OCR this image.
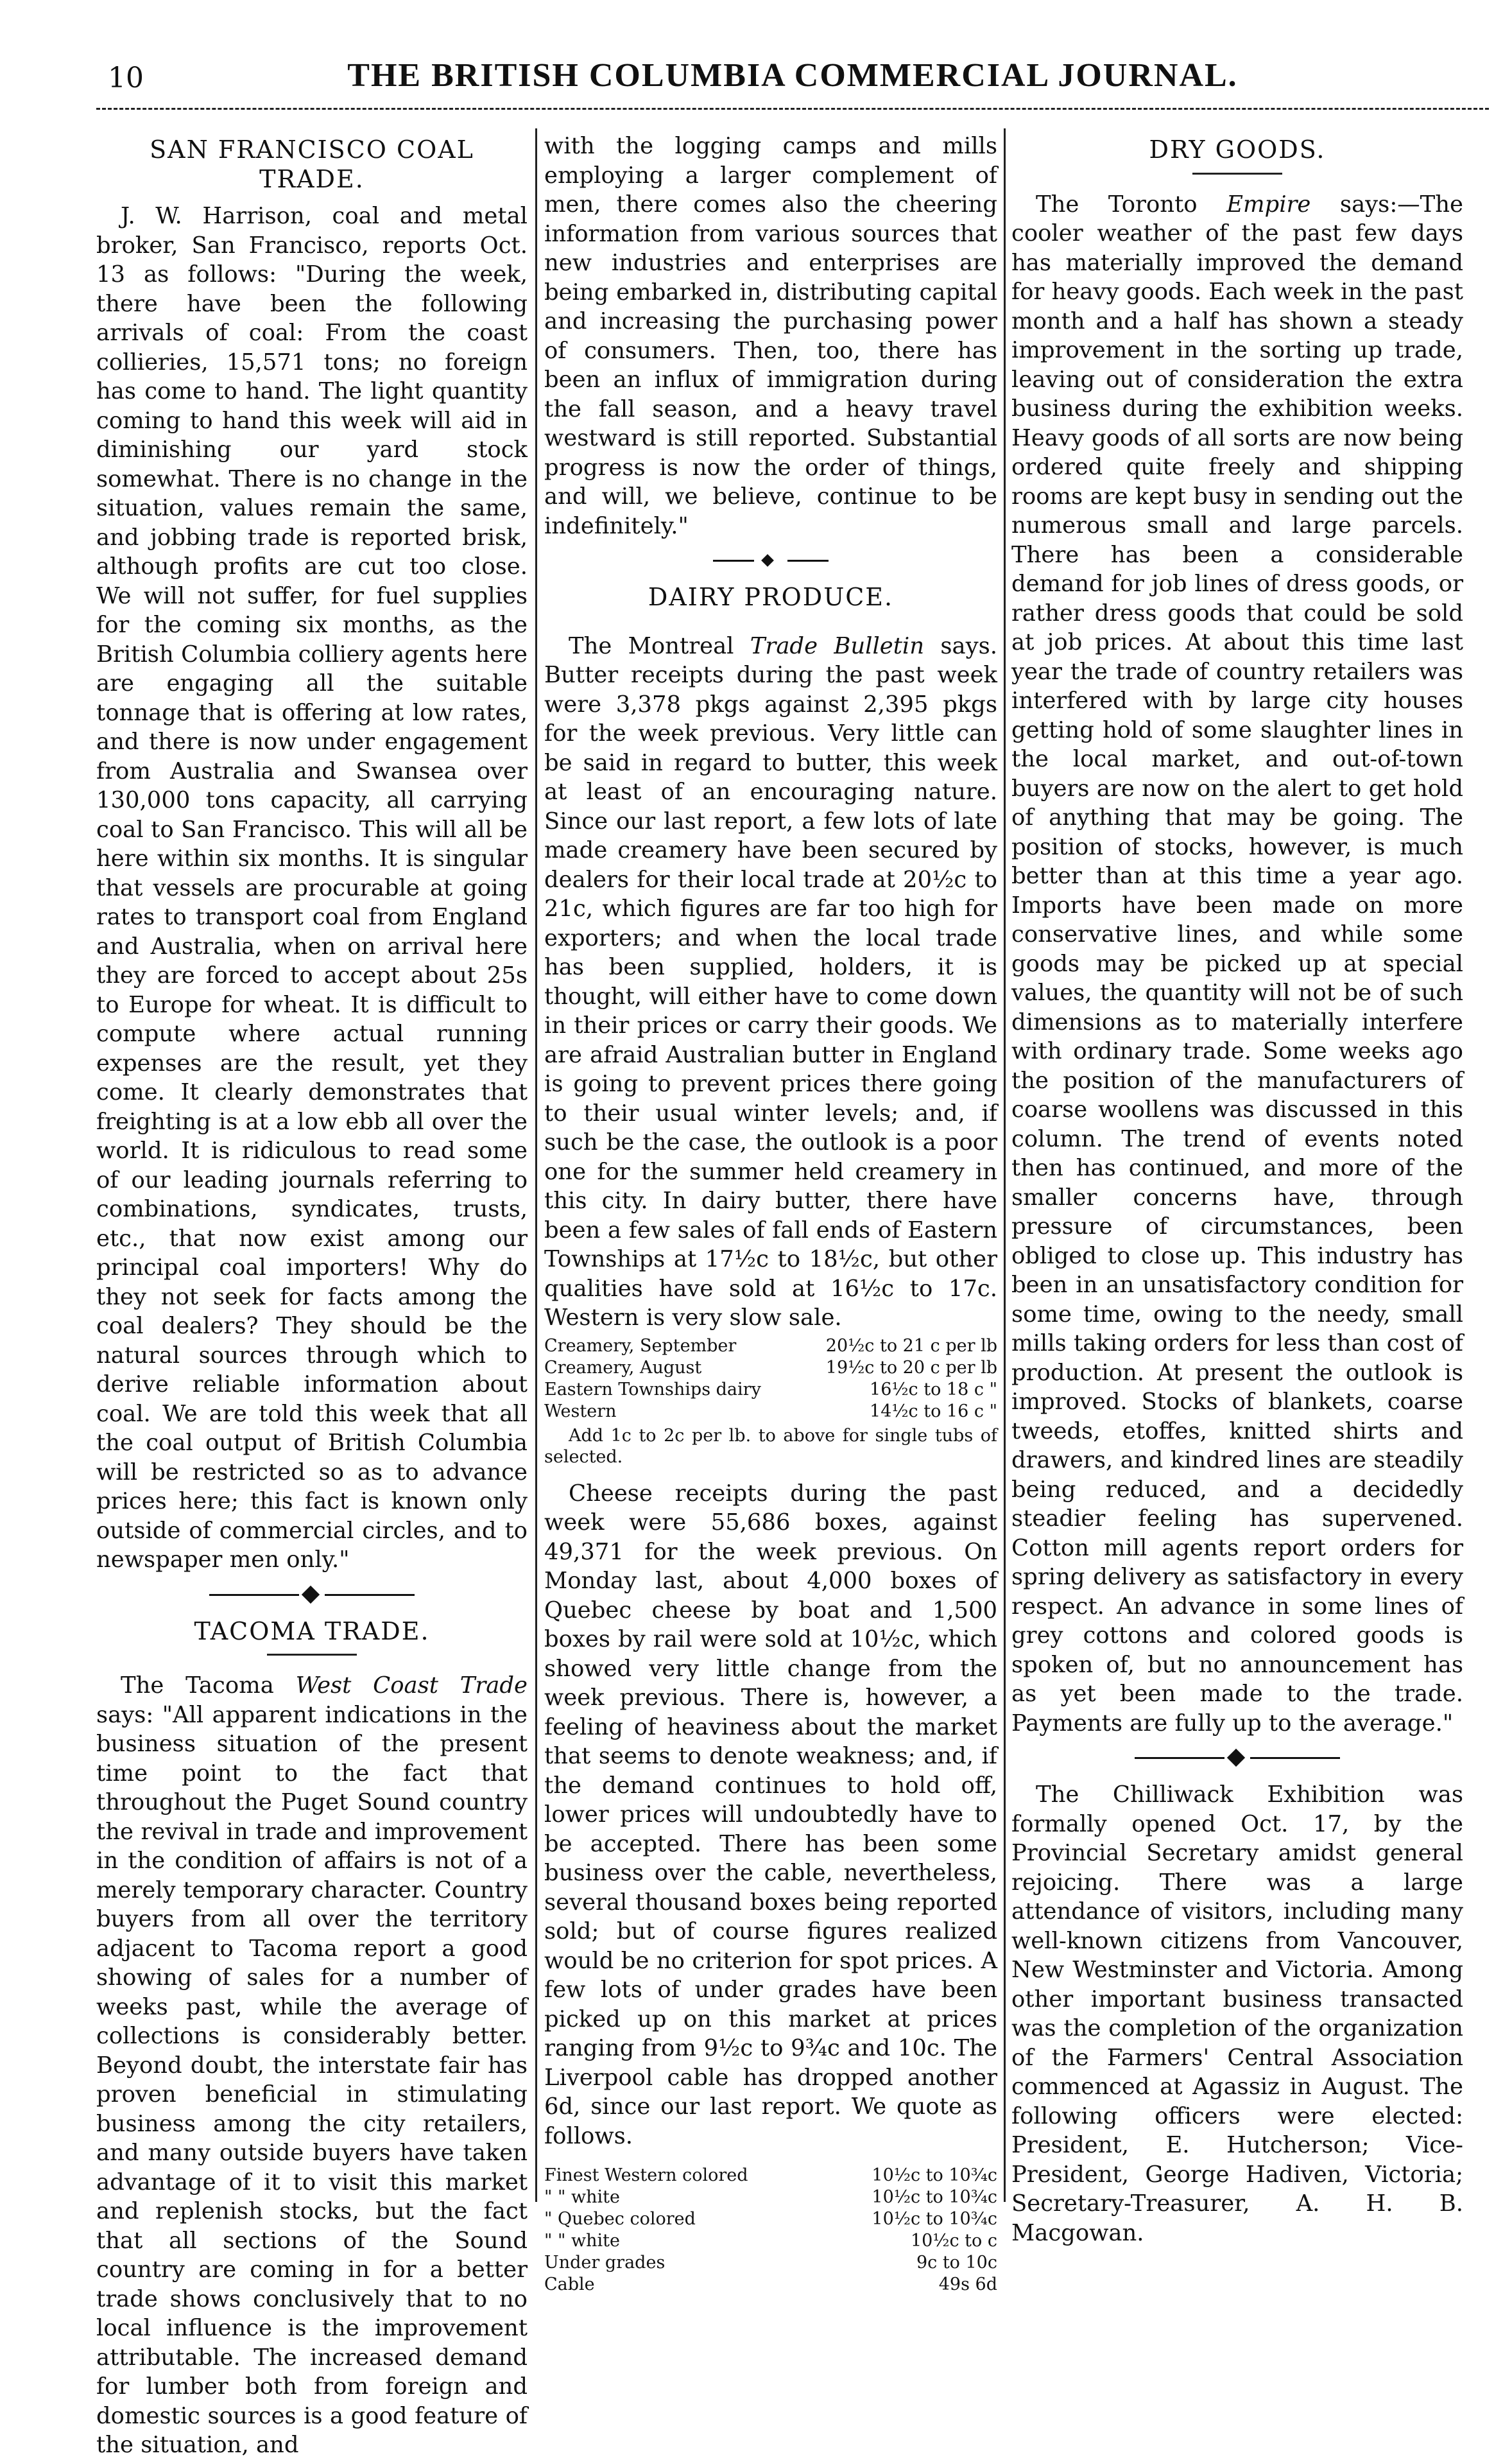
10	THE BRITISH COLUMBIA COMMERCIAL JOURNAL.
SAN FRANCISCO COAL TRADE.

J. W. Harrison, coal and metal broker, San Francisco, reports Oct. 13 as follows: "During the week, there have been the following arrivals of coal: From the coast collieries, 15,571 tons; no foreign has come to hand. The light quantity coming to hand this week will aid in diminishing our yard stock somewhat. There is no change in the situation, values remain the same, and jobbing trade is reported brisk, although profits are cut too close. We will not suffer, for fuel supplies for the coming six months, as the British Columbia colliery agents here are engaging all the suitable tonnage that is offering at low rates, and there is now under engagement from Australia and Swansea over 130,000 tons capacity, all carrying coal to San Francisco. This will all be here within six months. It is singular that vessels are procurable at going rates to transport coal from England and Australia, when on arrival here they are forced to accept about 25s to Europe for wheat. It is difficult to compute where actual running expenses are the result, yet they come. It clearly demonstrates that freighting is at a low ebb all over the world. It is ridiculous to read some of our leading journals referring to combinations, syndicates, trusts, etc., that now exist among our principal coal importers! Why do they not seek for facts among the coal dealers? They should be the natural sources through which to derive reliable information about coal. We are told this week that all the coal output of British Columbia will be restricted so as to advance prices here; this fact is known only outside of commercial circles, and to newspaper men only."

TACOMA TRADE.

The Tacoma West Coast Trade says: "All apparent indications in the business situation of the present time point to the fact that throughout the Puget Sound country the revival in trade and improvement in the condition of affairs is not of a merely temporary character. Country buyers from all over the territory adjacent to Tacoma report a good showing of sales for a number of weeks past, while the average of collections is considerably better. Beyond doubt, the interstate fair has proven beneficial in stimulating business among the city retailers, and many outside buyers have taken advantage of it to visit this market and replenish stocks, but the fact that all sections of the Sound country are coming in for a better trade shows conclusively that to no local influence is the improvement attributable. The increased demand for lumber both from foreign and domestic sources is a good feature of the situation, and

with the logging camps and mills employing a larger complement of men, there comes also the cheering information from various sources that new industries and enterprises are being embarked in, distributing capital and increasing the purchasing power of consumers. Then, too, there has been an influx of immigration during the fall season, and a heavy travel westward is still reported. Substantial progress is now the order of things, and will, we believe, continue to be indefinitely."

DAIRY PRODUCE.

The Montreal Trade Bulletin says. Butter receipts during the past week were 3,378 pkgs against 2,395 pkgs for the week previous. Very little can be said in regard to butter, this week at least of an encouraging nature. Since our last report, a few lots of late made creamery have been secured by dealers for their local trade at 20½c to 21c, which figures are far too high for exporters; and when the local trade has been supplied, holders, it is thought, will either have to come down in their prices or carry their goods. We are afraid Australian butter in England is going to prevent prices there going to their usual winter levels; and, if such be the case, the outlook is a poor one for the summer held creamery in this city. In dairy butter, there have been a few sales of fall ends of Eastern Townships at 17½c to 18½c, but other qualities have sold at 16½c to 17c. Western is very slow sale.

Creamery, September	20½c to 21 c per lb
Creamery, August	19½c to 20 c per lb
Eastern Townships dairy	16½c to 18 c "
Western	14½c to 16 c "
Add 1c to 2c per lb. to above for single tubs of selected.

Cheese receipts during the past week were 55,686 boxes, against 49,371 for the week previous. On Monday last, about 4,000 boxes of Quebec cheese by boat and 1,500 boxes by rail were sold at 10½c, which showed very little change from the week previous. There is, however, a feeling of heaviness about the market that seems to denote weakness; and, if the demand continues to hold off, lower prices will undoubtedly have to be accepted. There has been some business over the cable, nevertheless, several thousand boxes being reported sold; but of course figures realized would be no criterion for spot prices. A few lots of under grades have been picked up on this market at prices ranging from 9½c to 9¾c and 10c. The Liverpool cable has dropped another 6d, since our last report. We quote as follows.

Finest Western colored	10½c to 10¾c
" " white	10½c to 10¾c
" Quebec colored	10½c to 10¾c
" " white	10½c to c
Under grades	9c to 10c
Cable	49s 6d
DRY GOODS.

The Toronto Empire says:—The cooler weather of the past few days has materially improved the demand for heavy goods. Each week in the past month and a half has shown a steady improvement in the sorting up trade, leaving out of consideration the extra business during the exhibition weeks. Heavy goods of all sorts are now being ordered quite freely and shipping rooms are kept busy in sending out the numerous small and large parcels. There has been a considerable demand for job lines of dress goods, or rather dress goods that could be sold at job prices. At about this time last year the trade of country retailers was interfered with by large city houses getting hold of some slaughter lines in the local market, and out-of-town buyers are now on the alert to get hold of anything that may be going. The position of stocks, however, is much better than at this time a year ago. Imports have been made on more conservative lines, and while some goods may be picked up at special values, the quantity will not be of such dimensions as to materially interfere with ordinary trade. Some weeks ago the position of the manufacturers of coarse woollens was discussed in this column. The trend of events noted then has continued, and more of the smaller concerns have, through pressure of circumstances, been obliged to close up. This industry has been in an unsatisfactory condition for some time, owing to the needy, small mills taking orders for less than cost of production. At present the outlook is improved. Stocks of blankets, coarse tweeds, etoffes, knitted shirts and drawers, and kindred lines are steadily being reduced, and a decidedly steadier feeling has supervened. Cotton mill agents report orders for spring delivery as satisfactory in every respect. An advance in some lines of grey cottons and colored goods is spoken of, but no announcement has as yet been made to the trade. Payments are fully up to the average."

The Chilliwack Exhibition was formally opened Oct. 17, by the Provincial Secretary amidst general rejoicing. There was a large attendance of visitors, including many well-known citizens from Vancouver, New Westminster and Victoria. Among other important business transacted was the completion of the organization of the Farmers' Central Association commenced at Agassiz in August. The following officers were elected: President, E. Hutcherson; Vice-President, George Hadiven, Victoria; Secretary-Treasurer, A. H. B. Macgowan.
